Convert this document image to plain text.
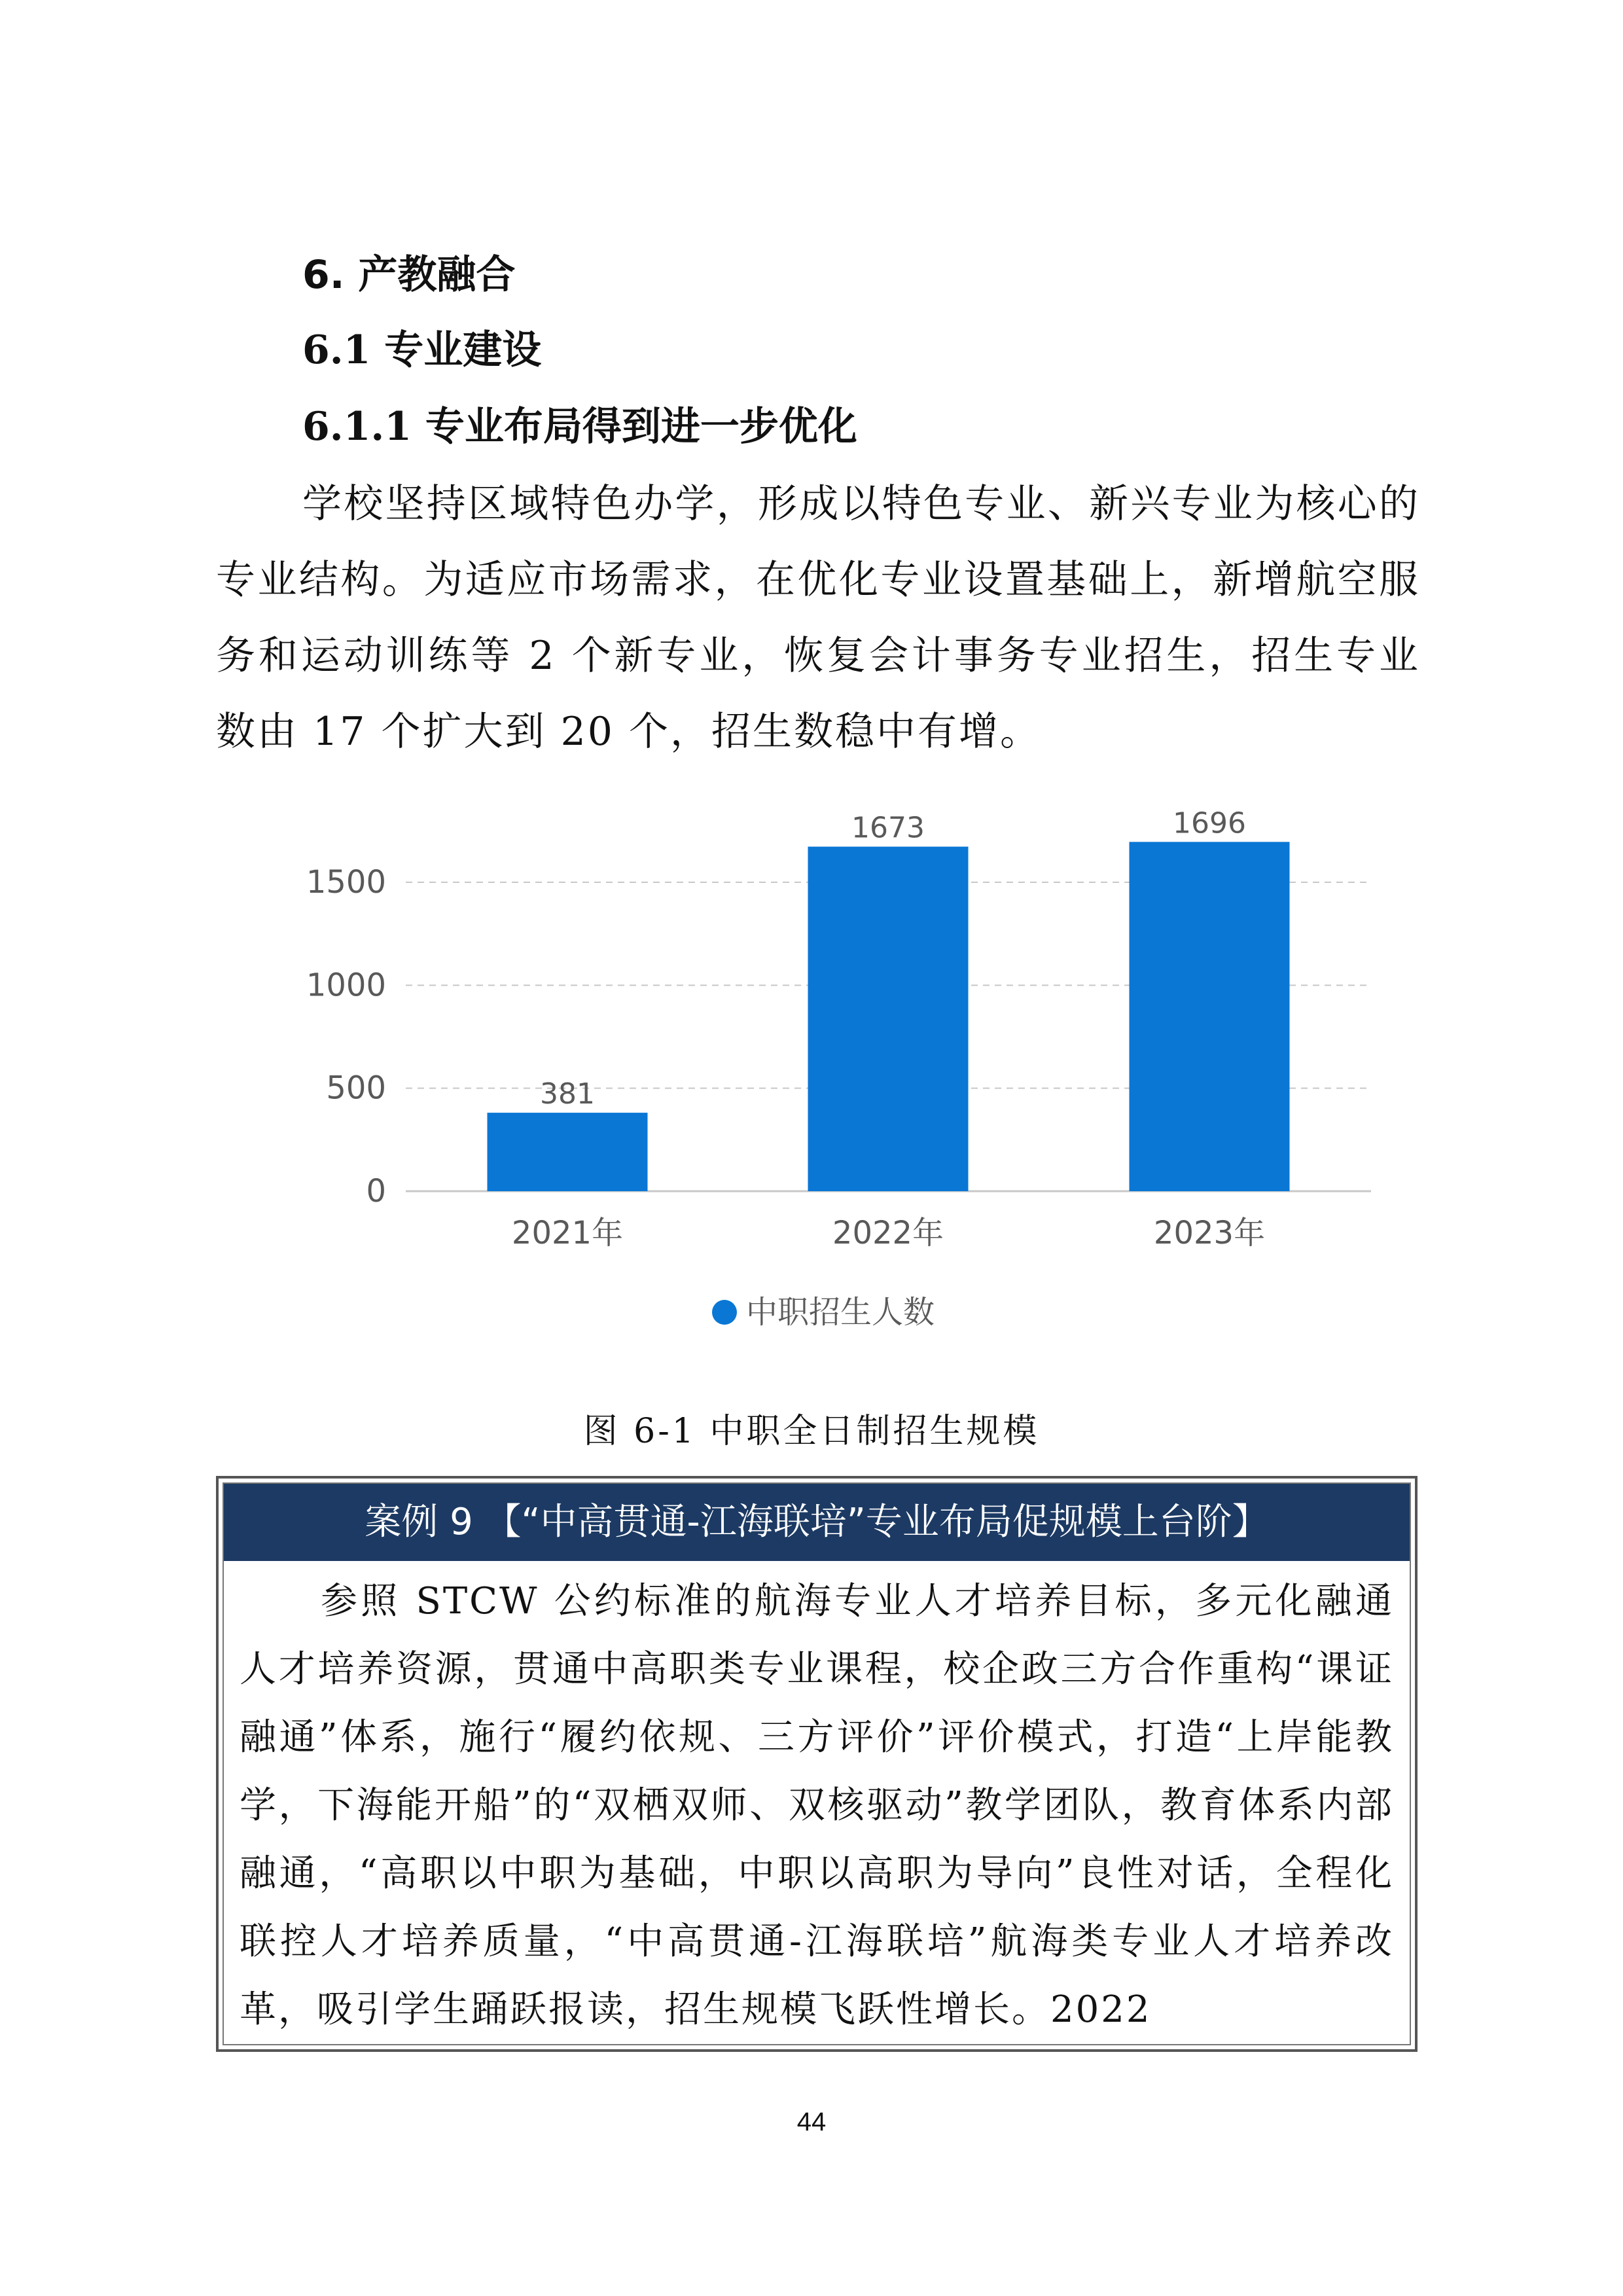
6. 产教融合
6.1 专业建设
6.1.1 专业布局得到进一步优化
学校坚持区域特色办学，形成以特色专业、新兴专业为核心的专业结构。为适应市场需求，在优化专业设置基础上，新增航空服务和运动训练等 2 个新专业，恢复会计事务专业招生，招生专业数由 17 个扩大到 20 个，招生数稳中有增。
0
500
1000
1500
381
1673	1696
2021年	2022年	2023年
中职招生人数
图 6-1 中职全日制招生规模
案例 9 【“中高贯通-江海联培”专业布局促规模上台阶】
参照 STCW 公约标准的航海专业人才培养目标，多元化融通人才培养资源，贯通中高职类专业课程，校企政三方合作重构“课证融通”体系，施行“履约依规、三方评价”评价模式，打造“上岸能教学，下海能开船”的“双栖双师、双核驱动”教学团队，教育体系内部融通，“高职以中职为基础，中职以高职为导向”良性对话，全程化联控人才培养质量，“中高贯通-江海联培”航海类专业人才培养改革，吸引学生踊跃报读，招生规模飞跃性增长。2022
44
